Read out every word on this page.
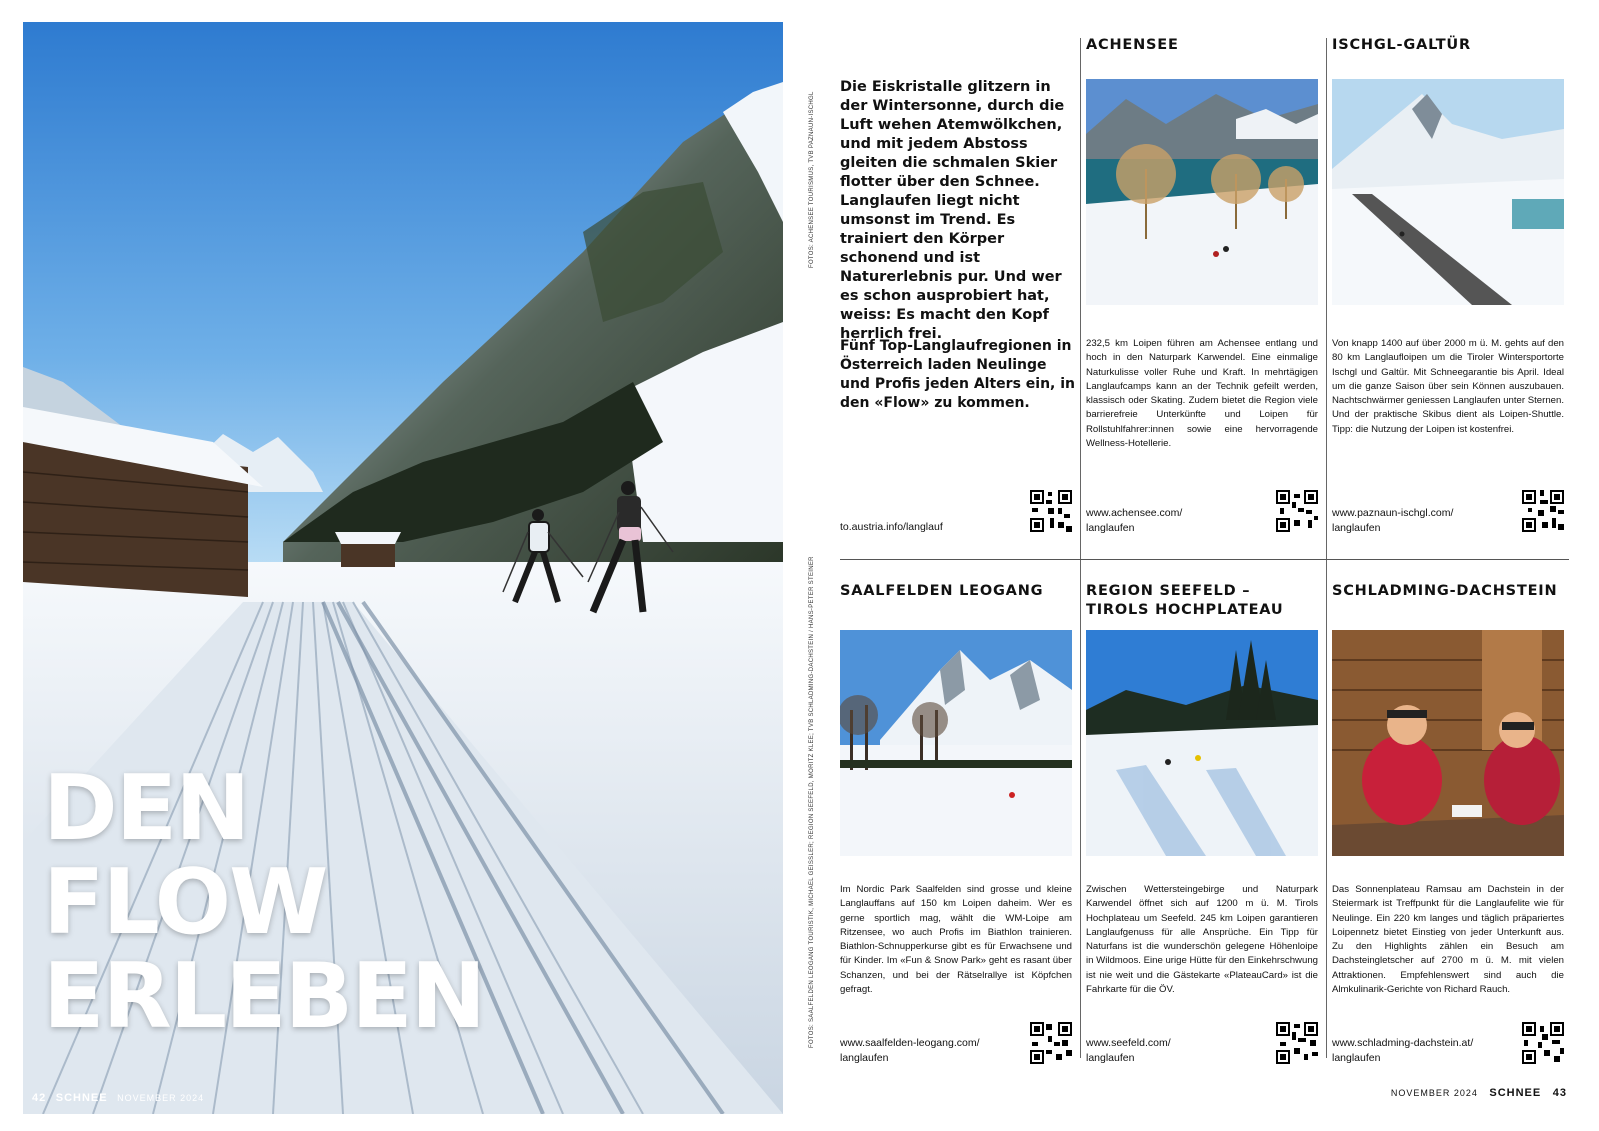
DEN
FLOW
ERLEBEN
42 SCHNEE NOVEMBER 2024
FOTOS: ACHENSEE TOURISMUS, TVB PAZNAUN-ISCHGL
FOTOS: SAALFELDEN LEOGANG TOURISTIK, MICHAEL GEISSLER; REGION SEEFELD, MORITZ KLEE; TVB SCHLADMING-DACHSTEIN / HANS-PETER STEINER
Die Eiskristalle glitzern in der Wintersonne, durch die Luft wehen Atemwölkchen, und mit jedem Abstoss gleiten die schmalen Skier flotter über den Schnee. Langlaufen liegt nicht umsonst im Trend. Es trainiert den Körper schonend und ist Naturerlebnis pur. Und wer es schon ausprobiert hat, weiss: Es macht den Kopf herrlich frei.
Fünf Top-Langlaufregionen in Österreich laden Neulinge und Profis jeden Alters ein, in den «Flow» zu kommen.
to.austria.info/langlauf
ACHENSEE
232,5 km Loipen führen am Achensee entlang und hoch in den Naturpark Karwendel. Eine einmalige Naturkulisse voller Ruhe und Kraft. In mehrtägigen Langlaufcamps kann an der Technik gefeilt werden, klassisch oder Skating. Zudem bietet die Region viele barrierefreie Unterkünfte und Loipen für Rollstuhlfahrer:innen sowie eine hervorragende Wellness-Hotellerie.
www.achensee.com/
langlaufen
ISCHGL-GALTÜR
Von knapp 1400 auf über 2000 m ü. M. gehts auf den 80 km Langlaufloipen um die Tiroler Wintersportorte Ischgl und Galtür. Mit Schneegarantie bis April. Ideal um die ganze Saison über sein Können auszubauen. Nachtschwärmer geniessen Langlaufen unter Sternen. Und der praktische Skibus dient als Loipen-Shuttle. Tipp: die Nutzung der Loipen ist kostenfrei.
www.paznaun-ischgl.com/
langlaufen
SAALFELDEN LEOGANG
Im Nordic Park Saalfelden sind grosse und kleine Langlauffans auf 150 km Loipen daheim. Wer es gerne sportlich mag, wählt die WM-Loipe am Ritzensee, wo auch Profis im Biathlon trainieren. Biathlon-Schnupperkurse gibt es für Erwachsene und für Kinder. Im «Fun & Snow Park» geht es rasant über Schanzen, und bei der Rätselrallye ist Köpfchen gefragt.
www.saalfelden-leogang.com/
langlaufen
REGION SEEFELD –
TIROLS HOCHPLATEAU
Zwischen Wettersteingebirge und Naturpark Karwendel öffnet sich auf 1200 m ü. M. Tirols Hochplateau um Seefeld. 245 km Loipen garantieren Langlaufgenuss für alle Ansprüche. Ein Tipp für Naturfans ist die wunderschön gelegene Höhenloipe in Wildmoos. Eine urige Hütte für den Einkehrschwung ist nie weit und die Gästekarte «PlateauCard» ist die Fahrkarte für die ÖV.
www.seefeld.com/
langlaufen
SCHLADMING-DACHSTEIN
Das Sonnenplateau Ramsau am Dachstein in der Steiermark ist Treffpunkt für die Langlaufelite wie für Neulinge. Ein 220 km langes und täglich präpariertes Loipennetz bietet Einstieg von jeder Unterkunft aus. Zu den Highlights zählen ein Besuch am Dachsteingletscher auf 2700 m ü. M. mit vielen Attraktionen. Empfehlenswert sind auch die Almkulinarik-Gerichte von Richard Rauch.
www.schladming-dachstein.at/
langlaufen
NOVEMBER 2024 SCHNEE 43
